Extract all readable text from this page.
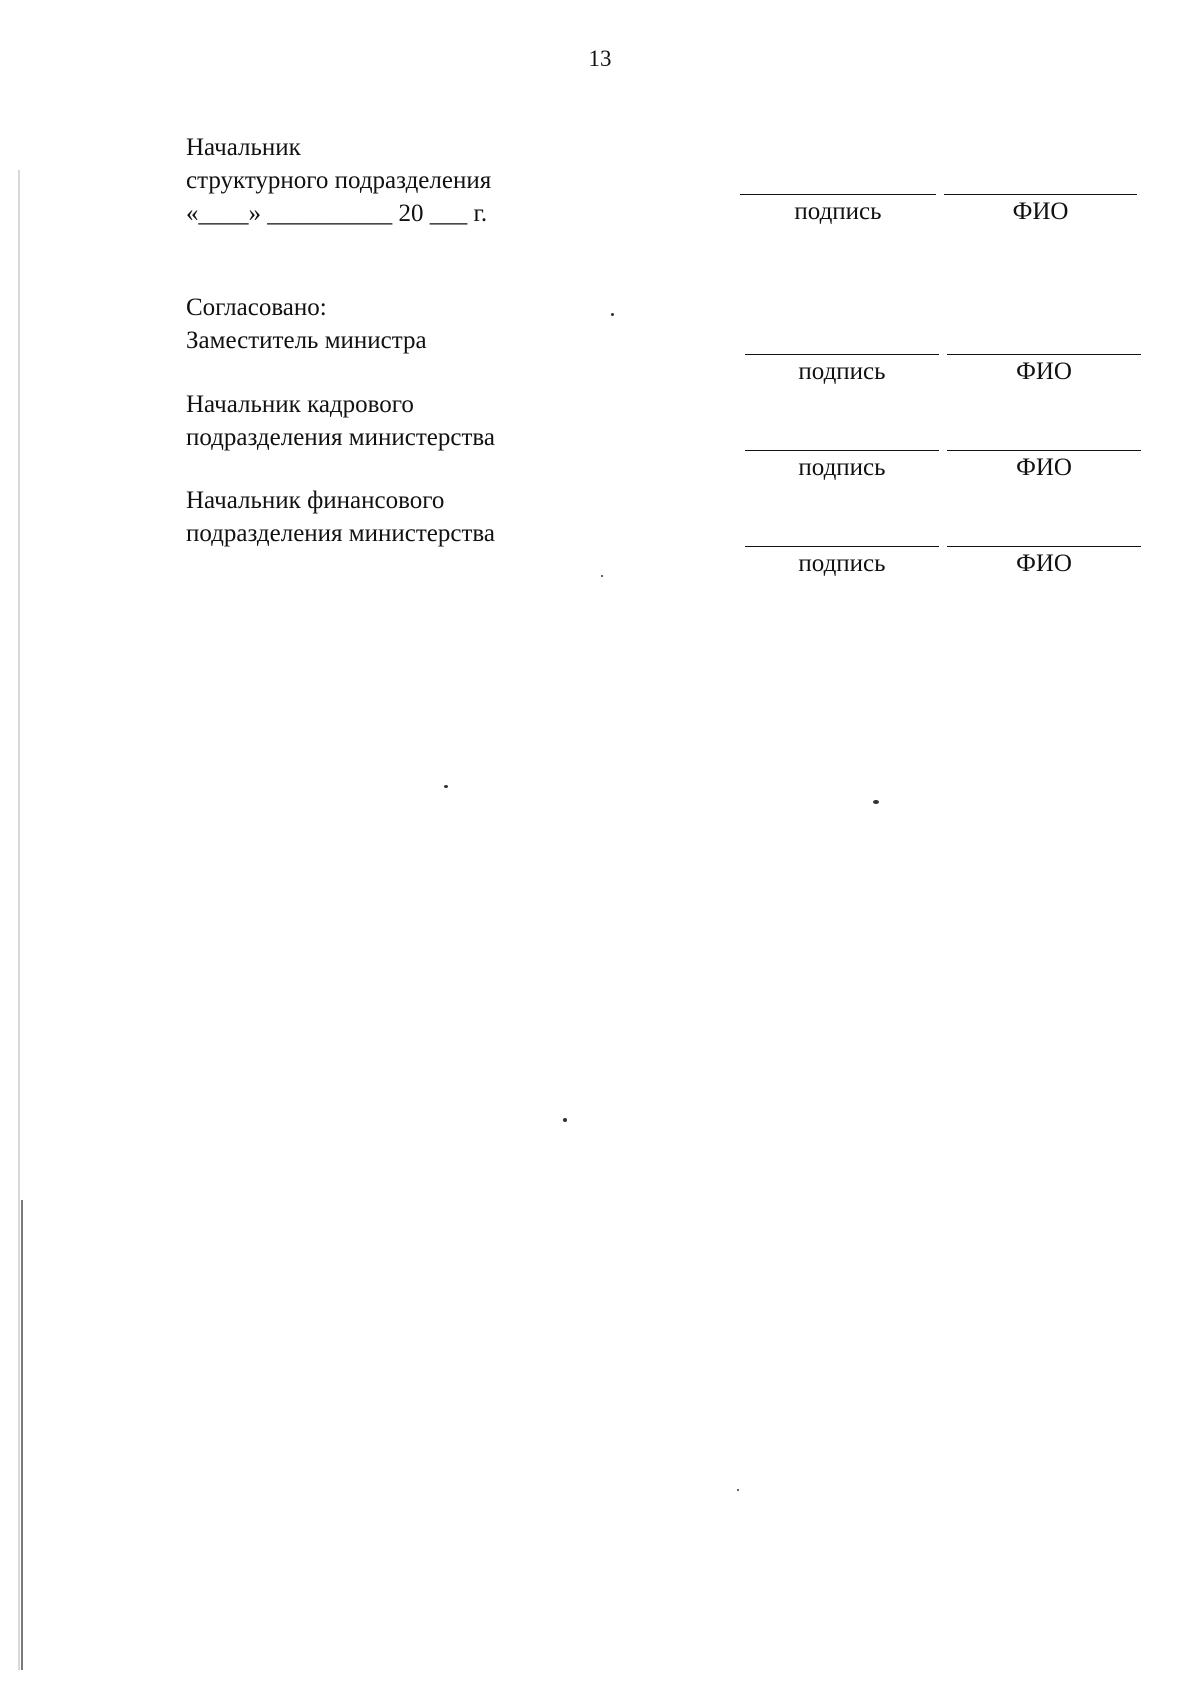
13
Начальник
структурного подразделения
«____» __________ 20 ___ г.	подпись	ФИО
Согласовано:
Заместитель министра
подпись	ФИО
Начальник кадрового
подразделения министерства
подпись	ФИО
Начальник финансового
подразделения министерства
подпись	ФИО
